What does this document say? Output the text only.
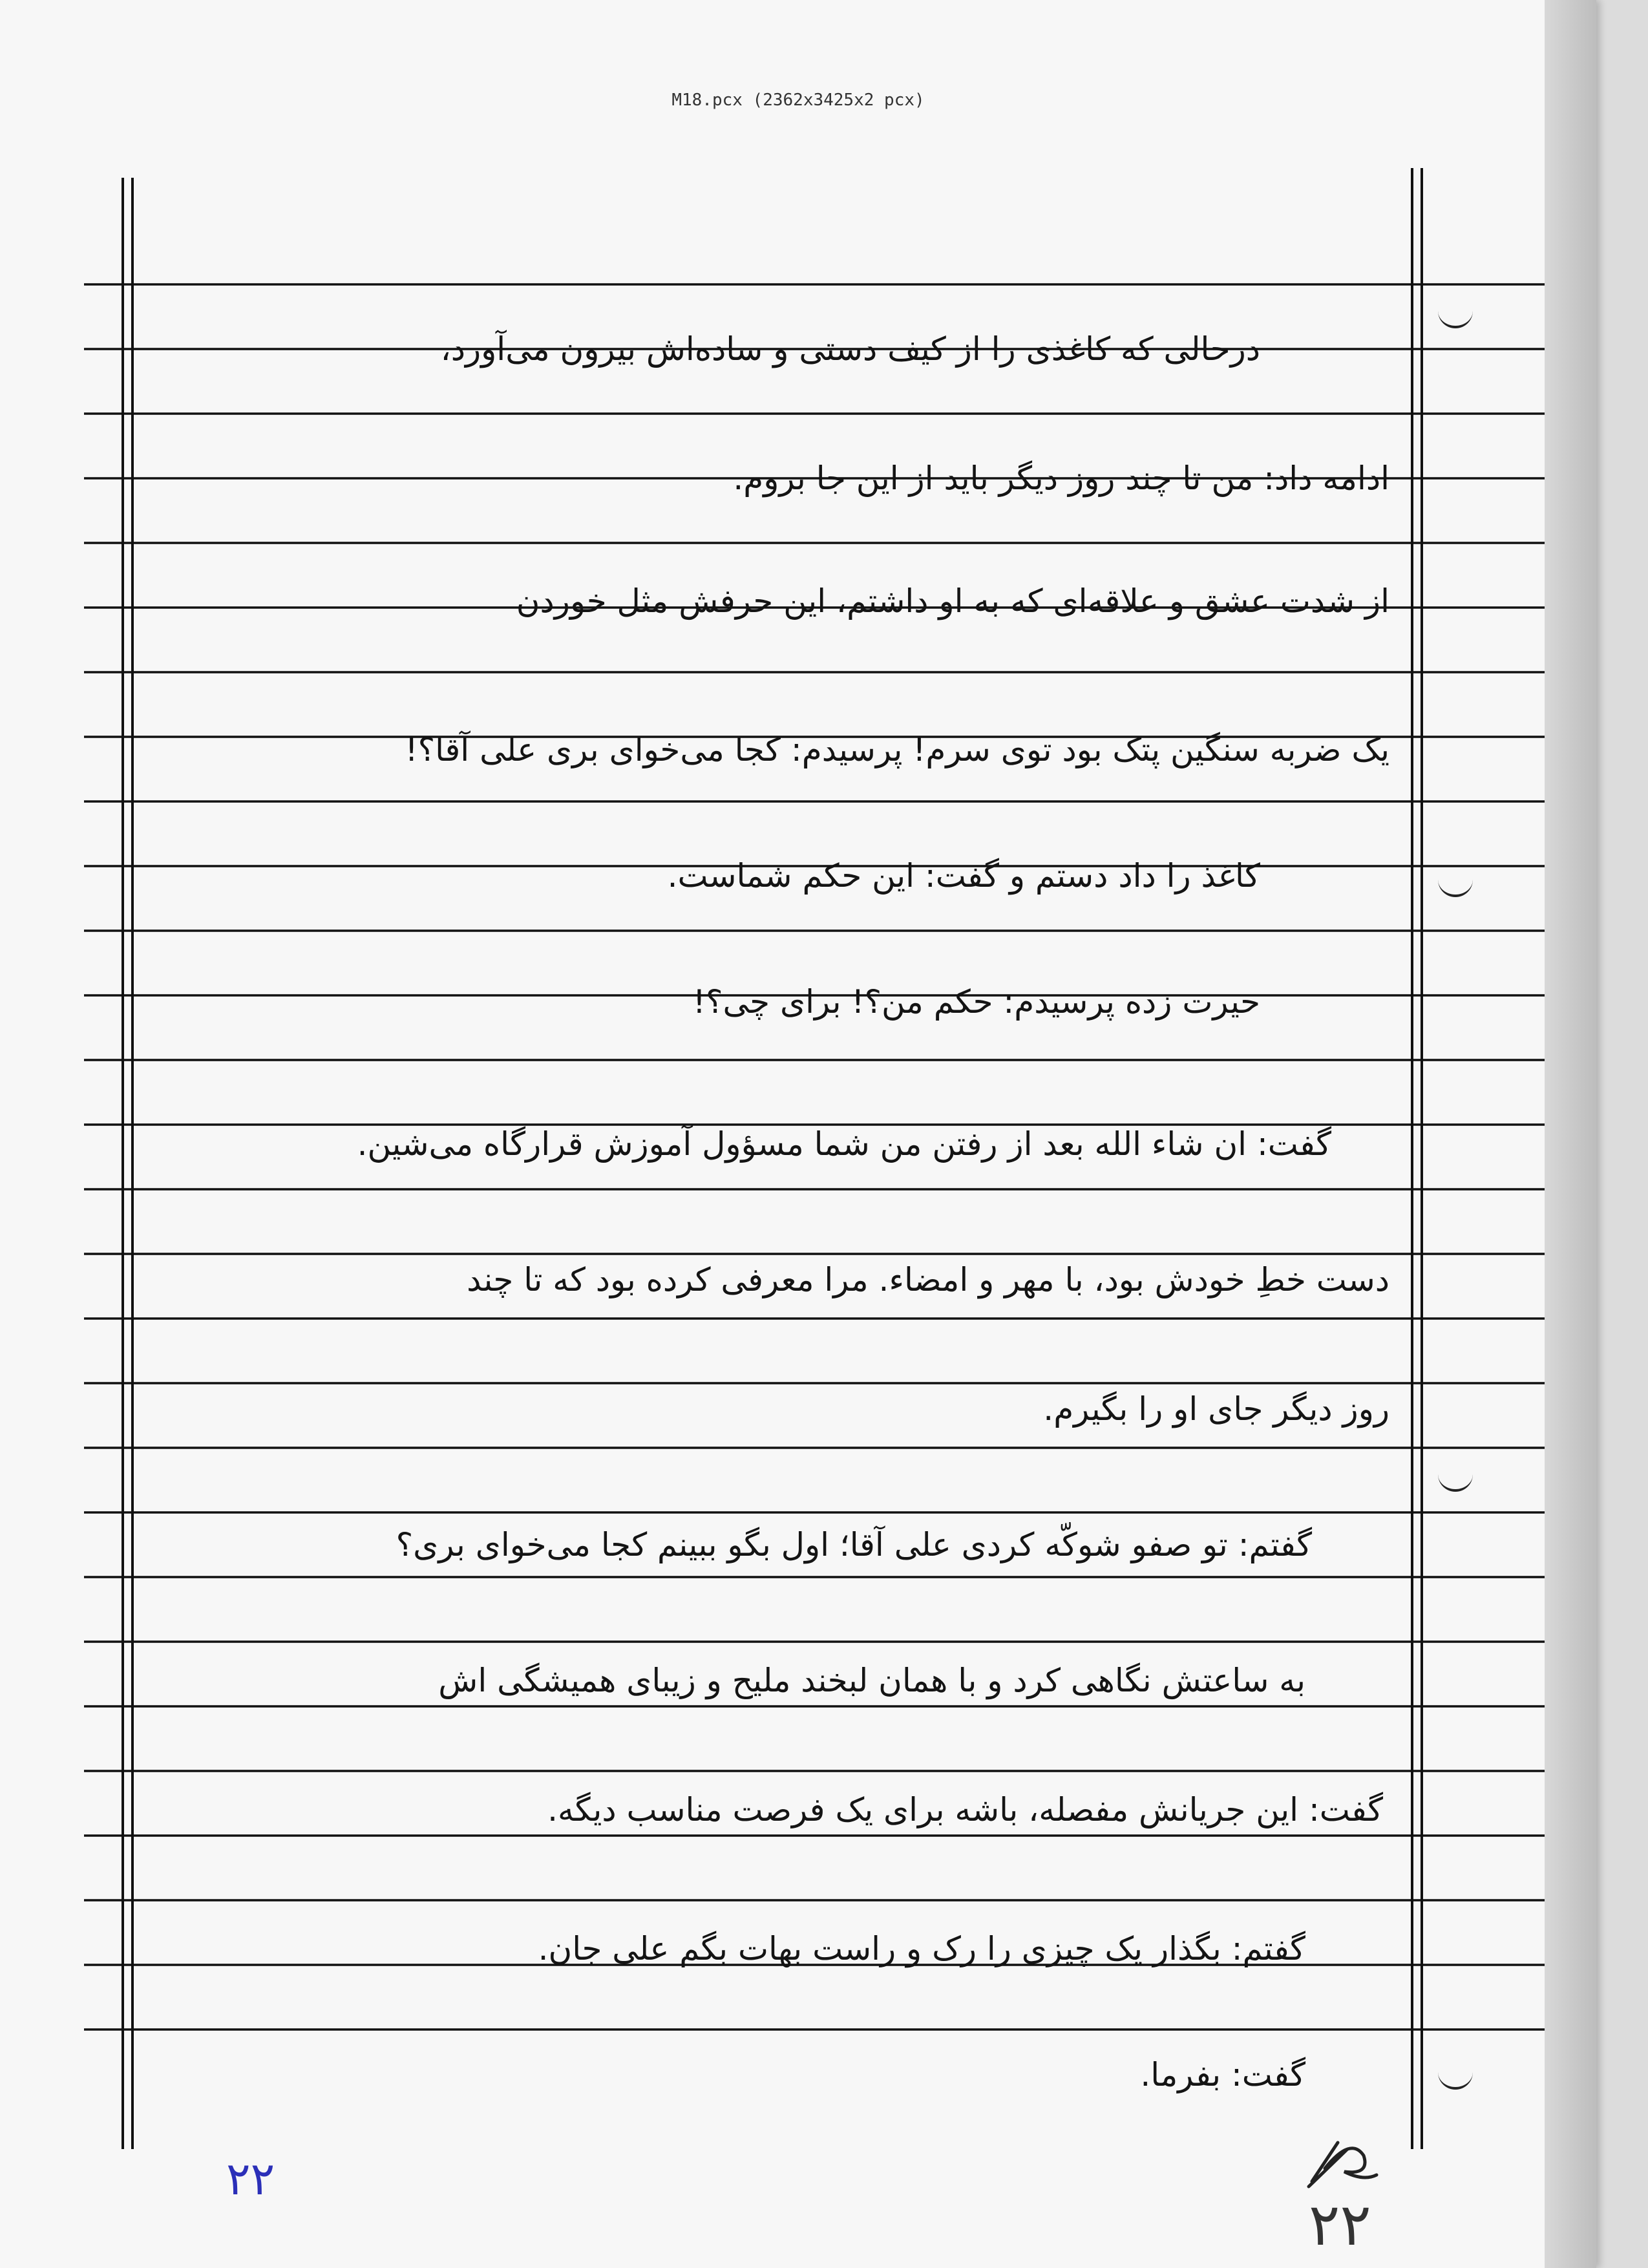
M18.pcx (2362x3425x2 pcx)
درحالی که کاغذی را از کیف دستی و ساده‌اش بیرون می‌آورد،
ادامه داد: من تا چند روز دیگر باید از این جا بروم.
از شدت عشق و علاقه‌ای که به او داشتم، این حرفش مثل خوردن
یک ضربه سنگین پتک بود توی سرم! پرسیدم: کجا می‌خوای بری علی آقا؟!
کاغذ را داد دستم و گفت: این حکم شماست.
حیرت زده پرسیدم: حکم من؟! برای چی؟!
گفت: ان شاء الله بعد از رفتن من شما مسؤول آموزش قرارگاه می‌شین.
دست خطِ خودش بود، با مهر و امضاء. مرا معرفی کرده بود که تا چند
روز دیگر جای او را بگیرم.
گفتم: تو صفو شوکّه کردی علی آقا؛ اول بگو ببینم کجا می‌خوای بری؟
به ساعتش نگاهی کرد و با همان لبخند ملیح و زیبای همیشگی اش
گفت: این جریانش مفصله، باشه برای یک فرصت مناسب دیگه.
گفتم: بگذار یک چیزی را رک و راست بهات بگم علی جان.
گفت: بفرما.
۲۲
۲۲
